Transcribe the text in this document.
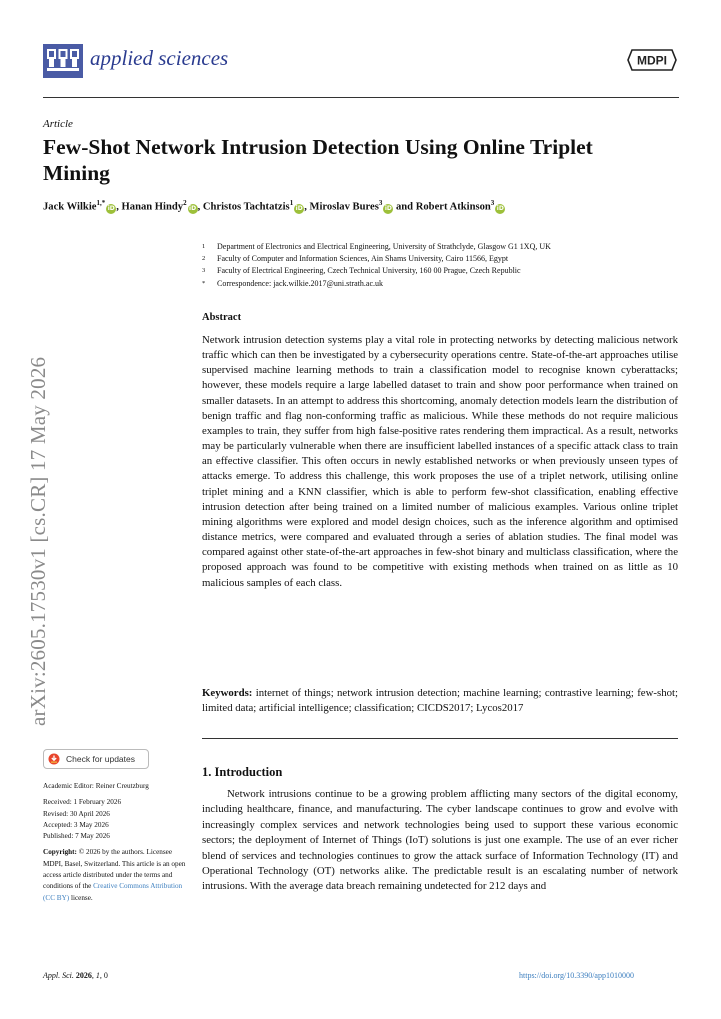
applied sciences	MDPI
Article
Few-Shot Network Intrusion Detection Using Online Triplet Mining
Jack Wilkie$^{1,*}$iD, Hanan Hindy$^2$iD, Christos Tachtatzis$^1$iD, Miroslav Bures$^3$iD and Robert Atkinson$^3$iD
1	Department of Electronics and Electrical Engineering, University of Strathclyde, Glasgow G1 1XQ, UK
2	Faculty of Computer and Information Sciences, Ain Shams University, Cairo 11566, Egypt
3	Faculty of Electrical Engineering, Czech Technical University, 160 00 Prague, Czech Republic
*	Correspondence: jack.wilkie.2017@uni.strath.ac.uk
Abstract
Network intrusion detection systems play a vital role in protecting networks by detecting malicious network traffic which can then be investigated by a cybersecurity operations centre. State-of-the-art approaches utilise supervised machine learning methods to train a classification model to recognise known cyberattacks; however, these models require a large labelled dataset to train and show poor performance when trained on smaller datasets. In an attempt to address this shortcoming, anomaly detection models learn the distribution of benign traffic and flag non-conforming traffic as malicious. While these methods do not require malicious examples to train, they suffer from high false-positive rates rendering them impractical. As a result, networks may be particularly vulnerable when there are insufficient labelled instances of a specific attack class to train an effective classifier. This often occurs in newly established networks or when previously unseen types of attacks emerge. To address this challenge, this work proposes the use of a triplet network, utilising online triplet mining and a KNN classifier, which is able to perform few-shot classification, enabling effective intrusion detection after being trained on a limited number of malicious examples. Various online triplet mining algorithms were explored and model design choices, such as the inference algorithm and optimised distance metrics, were compared and evaluated through a series of ablation studies. The final model was compared against other state-of-the-art approaches in few-shot binary and multiclass classification, where the proposed approach was found to be competitive with existing methods when trained on as little as 10 malicious samples of each class.
Keywords: internet of things; network intrusion detection; machine learning; contrastive learning; few-shot; limited data; artificial intelligence; classification; CICDS2017; Lycos2017
1. Introduction
Network intrusions continue to be a growing problem afflicting many sectors of the digital economy, including healthcare, finance, and manufacturing. The cyber landscape continues to grow and evolve with increasingly complex services and network technologies being used to support these various economic sectors; the deployment of Internet of Things (IoT) solutions is just one example. The use of an ever richer blend of services and technologies continues to grow the attack surface of Information Technology (IT) and Operational Technology (OT) networks alike. The predictable result is an escalating number of network intrusions. With the average data breach remaining undetected for 212 days and
arXiv:2605.17530v1 [cs.CR] 17 May 2026
Check for updates
Academic Editor: Reiner Creutzburg
Received: 1 February 2026
Revised: 30 April 2026
Accepted: 3 May 2026
Published: 7 May 2026
Copyright: © 2026 by the authors. Licensee MDPI, Basel, Switzerland. This article is an open access article distributed under the terms and conditions of the Creative Commons Attribution (CC BY) license.
Appl. Sci. 2026, 1, 0	https://doi.org/10.3390/app1010000
